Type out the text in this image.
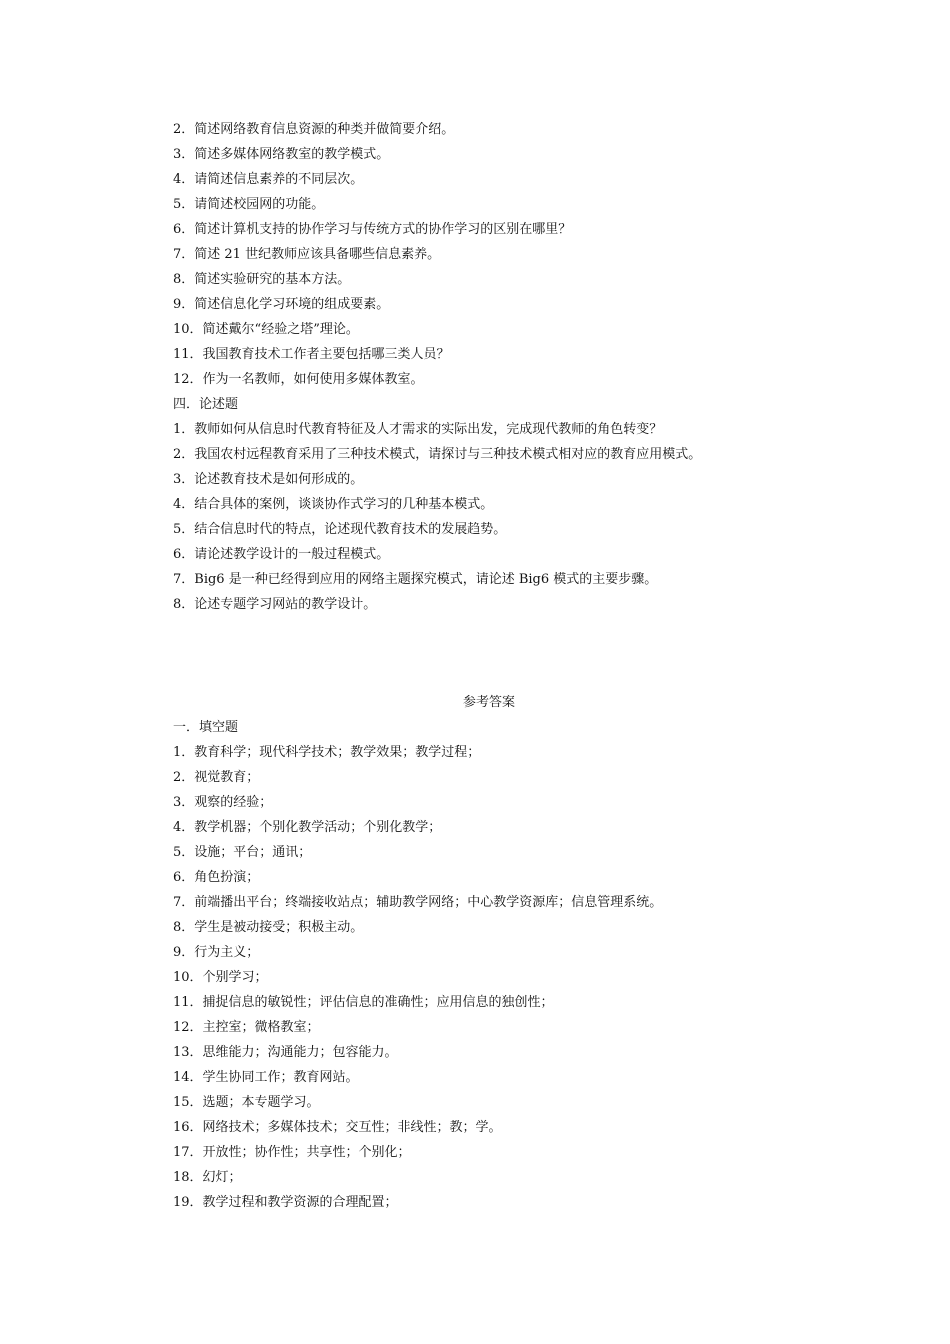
2．简述网络教育信息资源的种类并做简要介绍。
3．简述多媒体网络教室的教学模式。
4．请简述信息素养的不同层次。
5．请简述校园网的功能。
6．简述计算机支持的协作学习与传统方式的协作学习的区别在哪里？
7．简述 21 世纪教师应该具备哪些信息素养。
8．简述实验研究的基本方法。
9．简述信息化学习环境的组成要素。
10．简述戴尔“经验之塔”理论。
11．我国教育技术工作者主要包括哪三类人员？
12．作为一名教师，如何使用多媒体教室。
四．论述题
1．教师如何从信息时代教育特征及人才需求的实际出发，完成现代教师的角色转变？
2．我国农村远程教育采用了三种技术模式，请探讨与三种技术模式相对应的教育应用模式。
3．论述教育技术是如何形成的。
4．结合具体的案例，谈谈协作式学习的几种基本模式。
5．结合信息时代的特点，论述现代教育技术的发展趋势。
6．请论述教学设计的一般过程模式。
7．Big6 是一种已经得到应用的网络主题探究模式，请论述 Big6 模式的主要步骤。
8．论述专题学习网站的教学设计。
参考答案
一．填空题
1．教育科学；现代科学技术；教学效果；教学过程；
2．视觉教育；
3．观察的经验；
4．教学机器；个别化教学活动；个别化教学；
5．设施；平台；通讯；
6．角色扮演；
7．前端播出平台；终端接收站点；辅助教学网络；中心教学资源库；信息管理系统。
8．学生是被动接受；积极主动。
9．行为主义；
10．个别学习；
11．捕捉信息的敏锐性；评估信息的准确性；应用信息的独创性；
12．主控室；微格教室；
13．思维能力；沟通能力；包容能力。
14．学生协同工作；教育网站。
15．选题；本专题学习。
16．网络技术；多媒体技术；交互性；非线性；教；学。
17．开放性；协作性；共享性；个别化；
18．幻灯；
19．教学过程和教学资源的合理配置；
